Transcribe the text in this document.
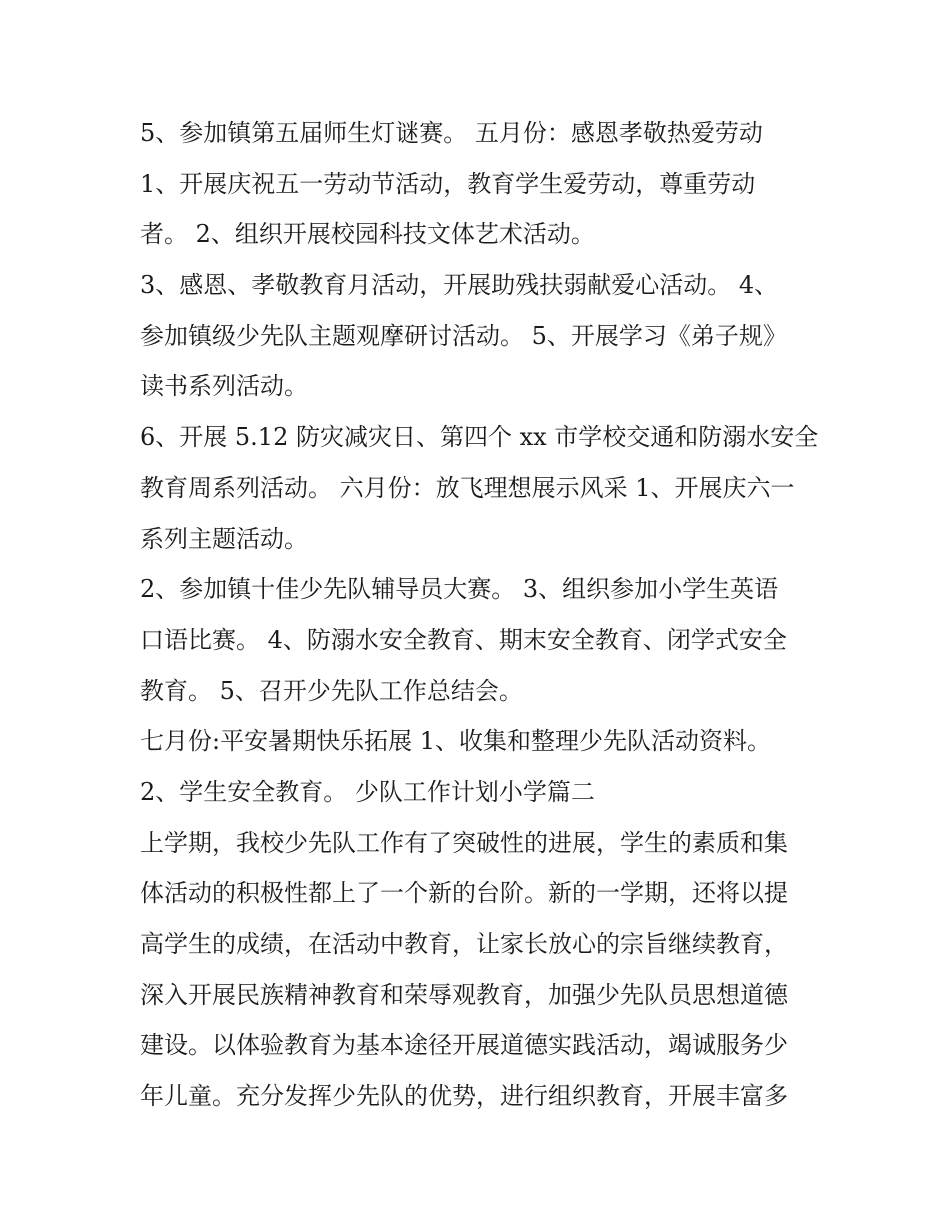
5、参加镇第五届师生灯谜赛。 五月份：感恩孝敬热爱劳动
1、开展庆祝五一劳动节活动，教育学生爱劳动，尊重劳动
者。 2、组织开展校园科技文体艺术活动。
3、感恩、孝敬教育月活动，开展助残扶弱献爱心活动。 4、
参加镇级少先队主题观摩研讨活动。 5、开展学习《弟子规》
读书系列活动。
6、开展 5.12 防灾减灾日、第四个 xx 市学校交通和防溺水安全
教育周系列活动。 六月份：放飞理想展示风采 1、开展庆六一
系列主题活动。
2、参加镇十佳少先队辅导员大赛。 3、组织参加小学生英语
口语比赛。 4、防溺水安全教育、期末安全教育、闭学式安全
教育。 5、召开少先队工作总结会。
七月份:平安暑期快乐拓展 1、收集和整理少先队活动资料。
2、学生安全教育。 少队工作计划小学篇二
上学期，我校少先队工作有了突破性的进展，学生的素质和集
体活动的积极性都上了一个新的台阶。新的一学期，还将以提
高学生的成绩，在活动中教育，让家长放心的宗旨继续教育，
深入开展民族精神教育和荣辱观教育，加强少先队员思想道德
建设。以体验教育为基本途径开展道德实践活动，竭诚服务少
年儿童。充分发挥少先队的优势，进行组织教育，开展丰富多
